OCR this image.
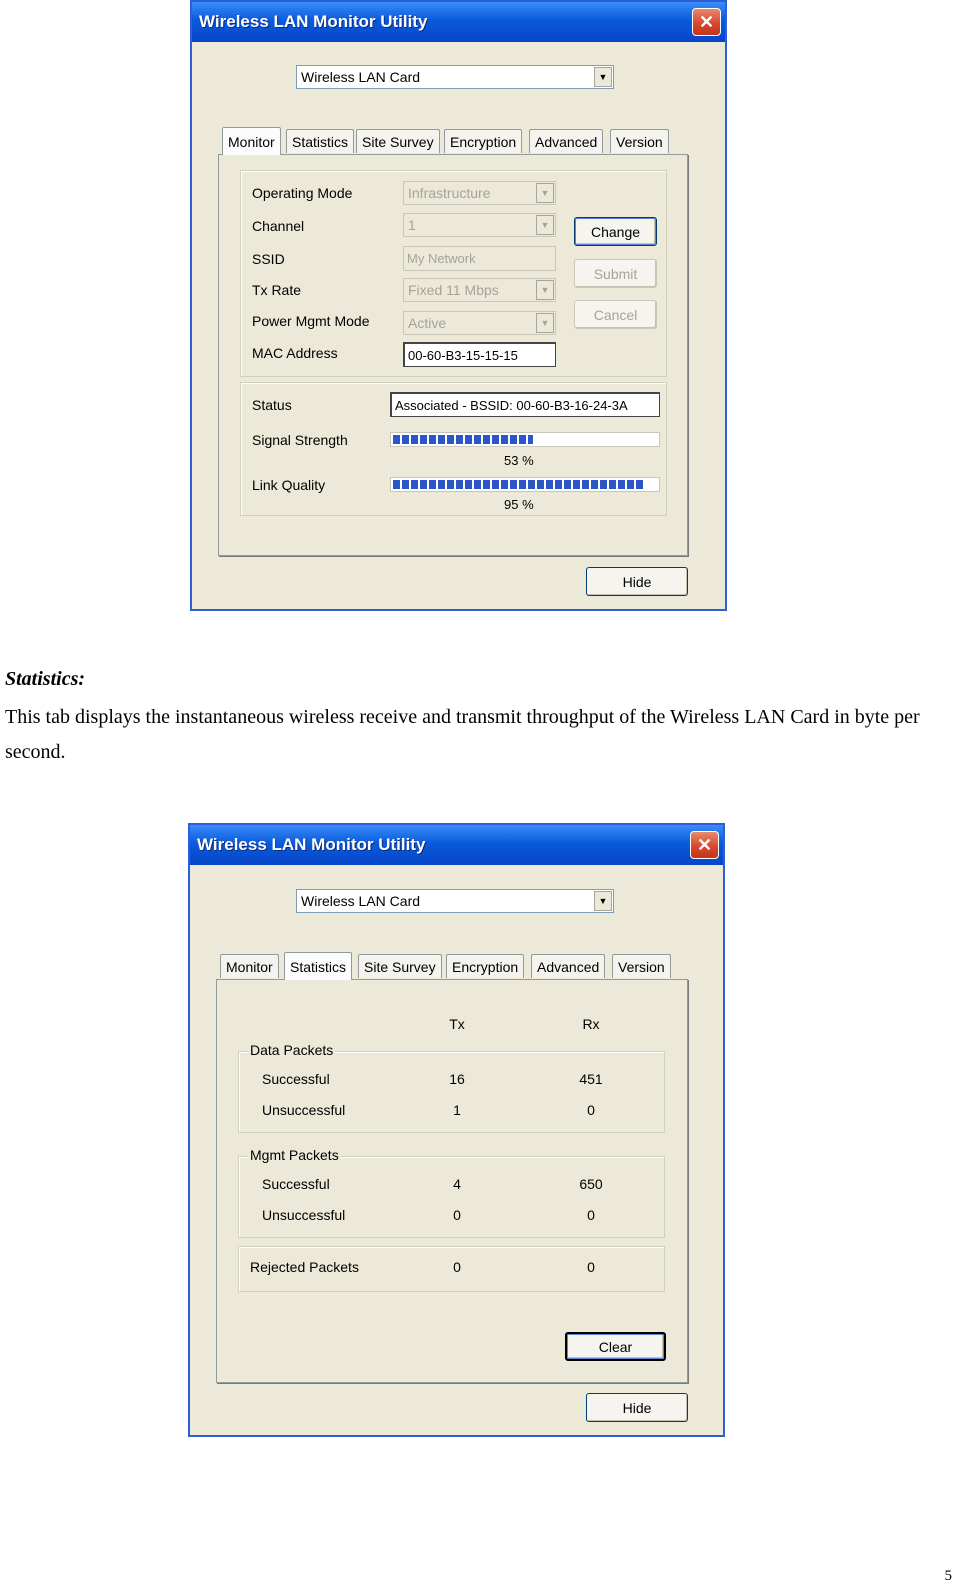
Wireless LAN Monitor Utility	✕
Wireless LAN Card	▼
Monitor	Statistics Site Survey	Encryption	Advanced	Version
Operating Mode	Infrastructure	▼
Channel	1	▼
SSID	My Network
Tx Rate	Fixed 11 Mbps	▼
Power Mgmt Mode	Active	▼
MAC Address	00-60-B3-15-15-15
Change
Submit
Cancel
Status	Associated - BSSID: 00-60-B3-16-24-3A
Signal Strength
53 %
Link Quality
95 %
Hide
Statistics:
This tab displays the instantaneous wireless receive and transmit throughput of the Wireless LAN Card in byte per second.
Wireless LAN Monitor Utility	✕
Wireless LAN Card	▼
Monitor	Statistics	Site Survey	Encryption	Advanced	Version
Tx	Rx
Data Packets
Successful	16	451
Unsuccessful	1	0
Mgmt Packets
Successful	4	650
Unsuccessful	0	0
Rejected Packets	0	0
Clear
Hide
5
